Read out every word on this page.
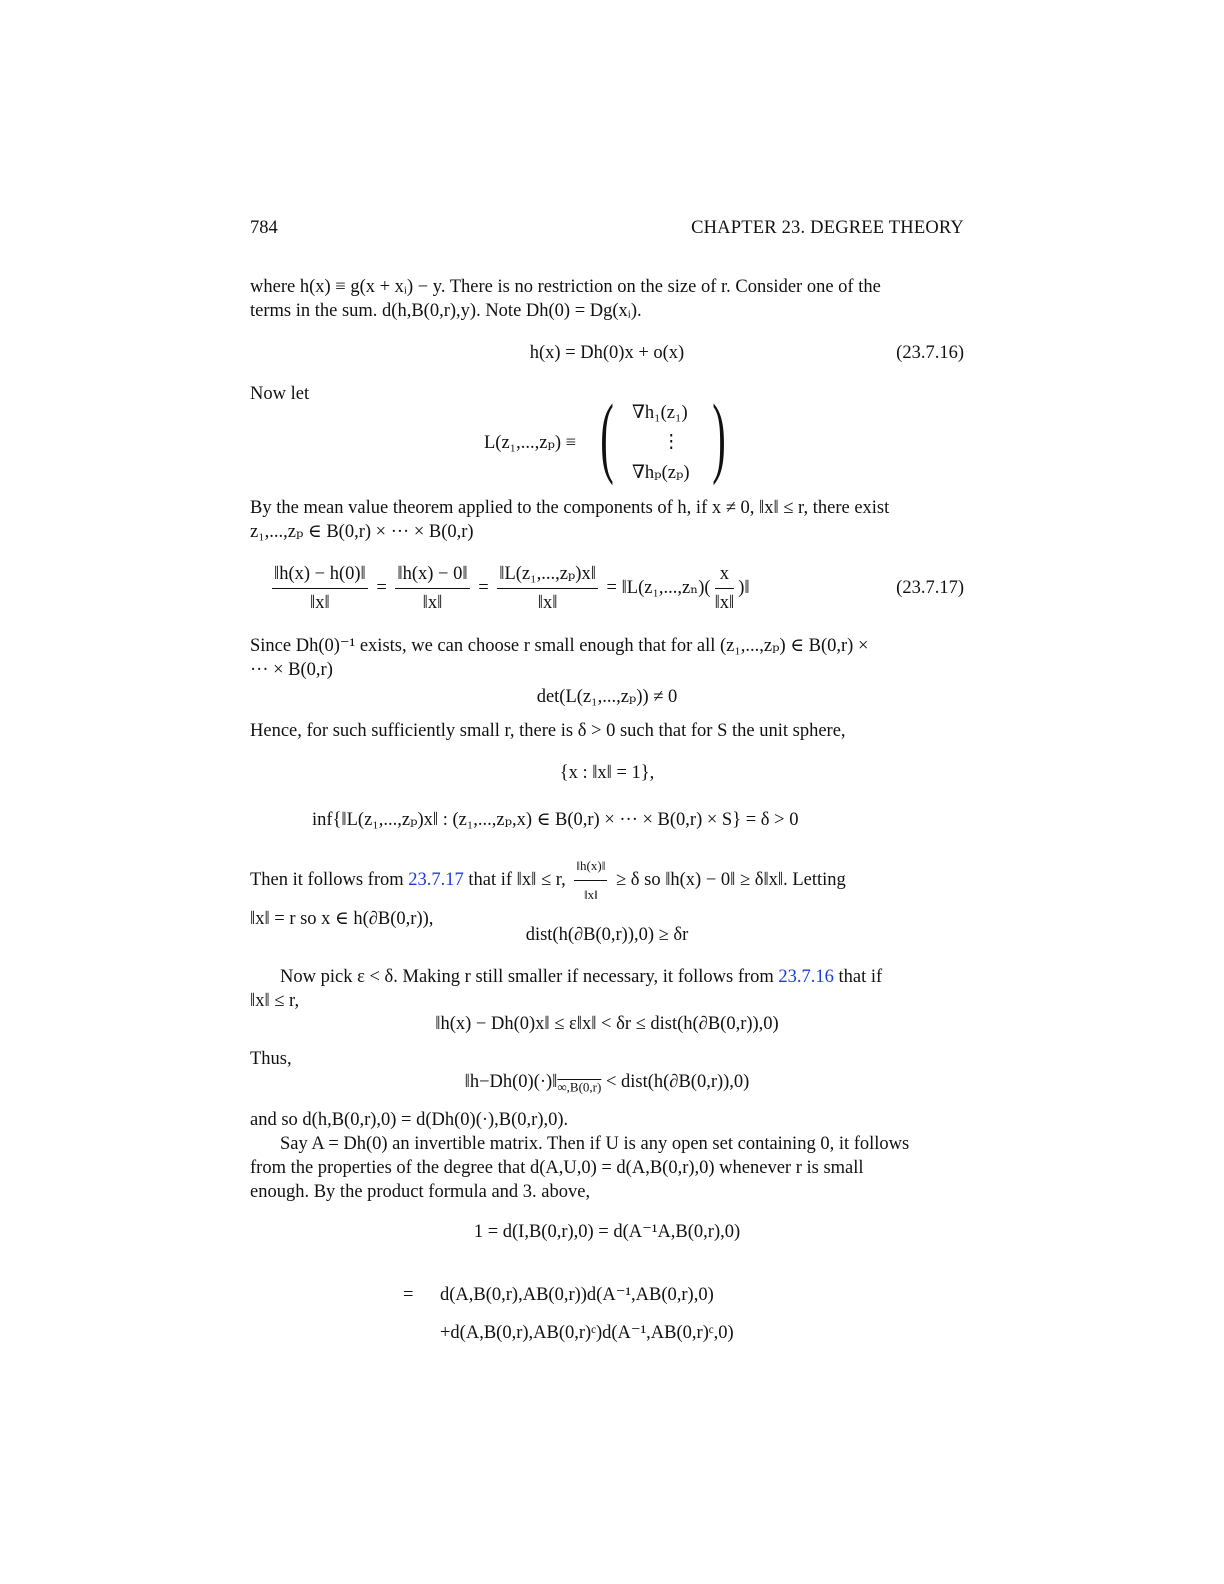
784	CHAPTER 23. DEGREE THEORY
where h(x) ≡ g(x + xᵢ) − y. There is no restriction on the size of r. Consider one of the
terms in the sum. d(h,B(0,r),y). Note Dh(0) = Dg(xᵢ).
h(x) = Dh(0)x + o(x)	(23.7.16)
Now let
L(z₁,...,zₚ) ≡ ( ∇h₁(z₁)
⋮
∇hₚ(zₚ) )
By the mean value theorem applied to the components of h, if x ≠ 0, ‖x‖ ≤ r, there exist
z₁,...,zₚ ∈ B(0,r) × ··· × B(0,r)
$\frac{‖h(x) - h(0)‖}{‖x‖} = \frac{‖h(x) - 0‖}{‖x‖} = \frac{\text{‖L(z₁,...,zₚ)x‖}}{‖x‖}$ = ‖L(z₁,...,zₙ)( $\frac{x}{‖x‖}$ )‖	(23.7.17)
Since Dh(0)⁻¹ exists, we can choose r small enough that for all (z₁,...,zₚ) ∈ B(0,r) ×
··· × B(0,r)
det(L(z₁,...,zₚ)) ≠ 0
Hence, for such sufficiently small r, there is δ > 0 such that for S the unit sphere,
{x : ‖x‖ = 1},
inf{‖L(z₁,...,zₚ)x‖ : (z₁,...,zₚ,x) ∈ B(0,r) × ··· × B(0,r) × S} = δ > 0
Then it follows from 23.7.17 that if ‖x‖ ≤ r, $\frac{‖h(x)‖}{‖x‖} \ge \delta$ so ‖h(x) − 0‖ ≥ δ‖x‖. Letting
‖x‖ = r so x ∈ h(∂B(0,r)),
dist(h(∂B(0,r)),0) ≥ δr
Now pick ε < δ. Making r still smaller if necessary, it follows from 23.7.16 that if
‖x‖ ≤ r,
‖h(x) − Dh(0)x‖ ≤ ε‖x‖ < δr ≤ dist(h(∂B(0,r)),0)
Thus,
$‖h-Dh(0)(\cdot)‖_{\infty,B(0,r)}$ < dist(h(∂B(0,r)),0)
and so d(h,B(0,r),0) = d(Dh(0)(·),B(0,r),0).
Say A = Dh(0) an invertible matrix. Then if U is any open set containing 0, it follows
from the properties of the degree that d(A,U,0) = d(A,B(0,r),0) whenever r is small
enough. By the product formula and 3. above,
1 = d(I,B(0,r),0) = d(A⁻¹A,B(0,r),0)
= d(A,B(0,r),AB(0,r))d(A⁻¹,AB(0,r),0)
+d(A,B(0,r),AB(0,r)ᶜ)d(A⁻¹,AB(0,r)ᶜ,0)
